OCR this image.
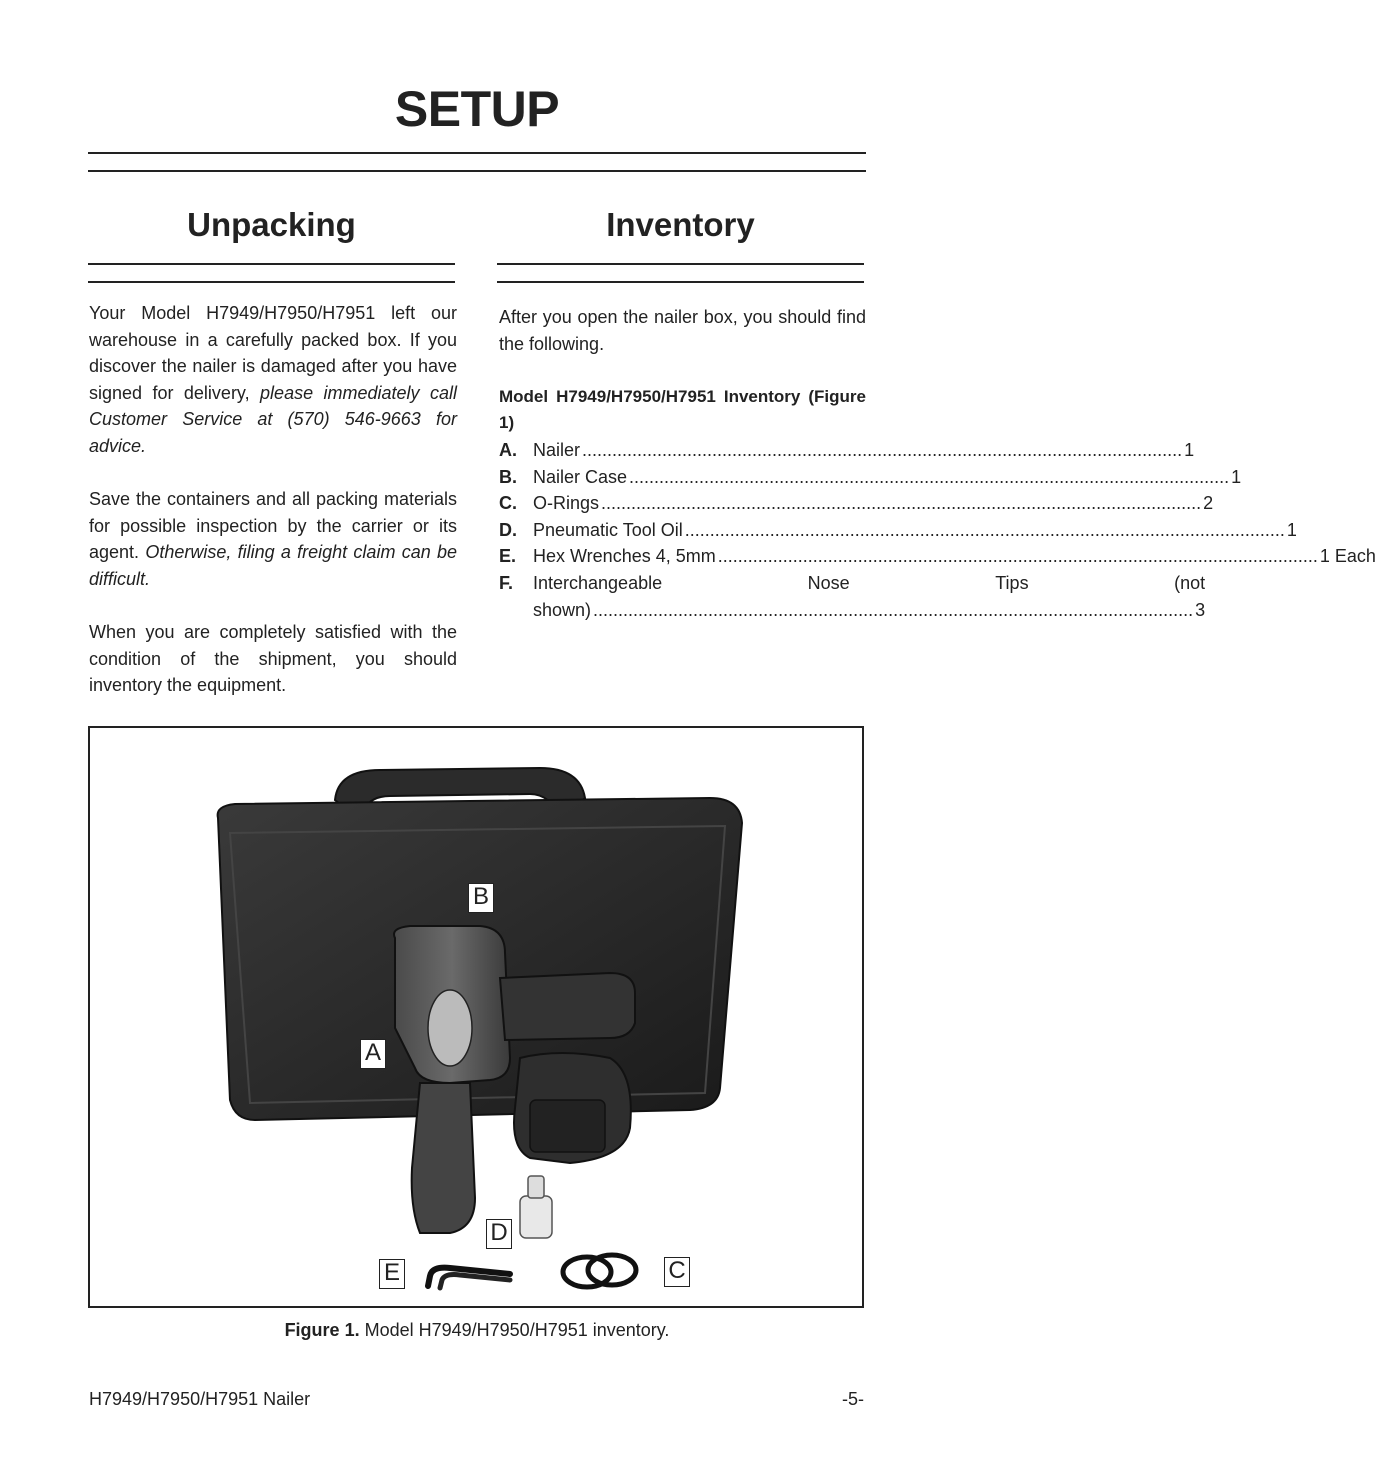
SETUP
Unpacking

Your Model H7949/H7950/H7951 left our warehouse in a carefully packed box. If you discover the nailer is damaged after you have signed for delivery, please immediately call Customer Service at (570) 546-9663 for advice.

Save the containers and all packing materials for possible inspection by the carrier or its agent. Otherwise, filing a freight claim can be difficult.

When you are completely satisfied with the condition of the shipment, you should inventory the equipment.

Inventory

After you open the nailer box, you should find the following.

Model H7949/H7950/H7951 Inventory (Figure 1)
A. Nailer .....	1
B. Nailer Case .....	1
C. O-Rings .....	2
D. Pneumatic Tool Oil .....	1
E. Hex Wrenches 4, 5mm .....	1 Each
F.	Interchangeable	Nose	Tips	(not
shown) .....	3
B
A
D
E	C
Figure 1. Model H7949/H7950/H7951 inventory.
H7949/H7950/H7951 Nailer	-5-
